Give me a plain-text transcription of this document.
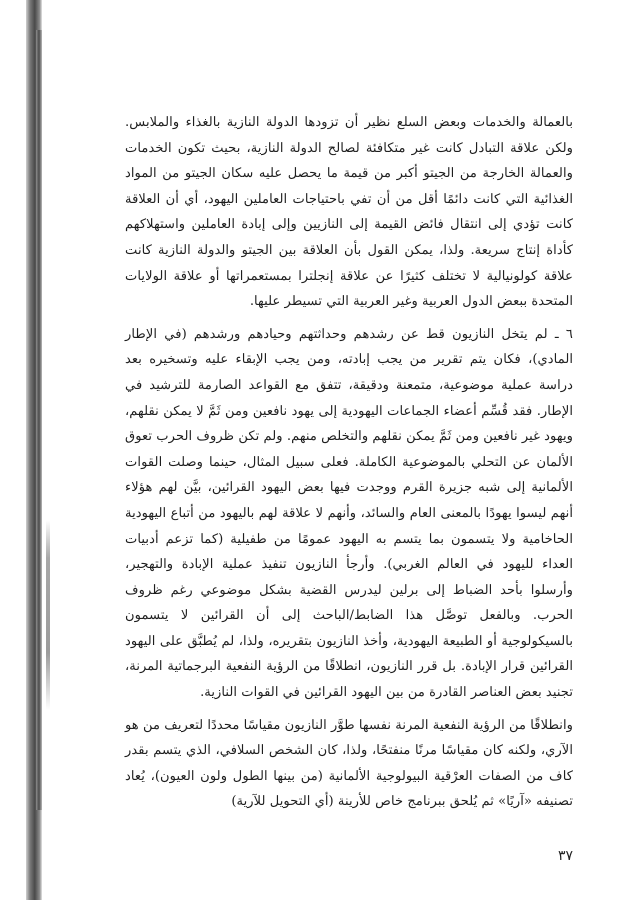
بالعمالة والخدمات وبعض السلع نظير أن تزودها الدولة النازية بالغذاء والملابس. ولكن علاقة التبادل كانت غير متكافئة لصالح الدولة النازية، بحيث تكون الخدمات والعمالة الخارجة من الجيتو أكبر من قيمة ما يحصل عليه سكان الجيتو من المواد الغذائية التي كانت دائمًا أقل من أن تفي باحتياجات العاملين اليهود، أي أن العلاقة كانت تؤدي إلى انتقال فائض القيمة إلى النازيين وإلى إبادة العاملين واستهلاكهم كأداة إنتاج سريعة. ولذا، يمكن القول بأن العلاقة بين الجيتو والدولة النازية كانت علاقة كولونيالية لا تختلف كثيرًا عن علاقة إنجلترا بمستعمراتها أو علاقة الولايات المتحدة ببعض الدول العربية وغير العربية التي تسيطر عليها.

٦ ـ لم يتخل النازيون قط عن رشدهم وحداثتهم وحيادهم ورشدهم (في الإطار المادي)، فكان يتم تقرير من يجب إبادته، ومن يجب الإبقاء عليه وتسخيره بعد دراسة عملية موضوعية، متمعنة ودقيقة، تتفق مع القواعد الصارمة للترشيد في الإطار. فقد قُسِّم أعضاء الجماعات اليهودية إلى يهود نافعين ومن ثَمَّ لا يمكن نقلهم، ويهود غير نافعين ومن ثَمَّ يمكن نقلهم والتخلص منهم. ولم تكن ظروف الحرب تعوق الألمان عن التحلي بالموضوعية الكاملة. فعلى سبيل المثال، حينما وصلت القوات الألمانية إلى شبه جزيرة القرم ووجدت فيها بعض اليهود القرائين، بيَّن لهم هؤلاء أنهم ليسوا يهودًا بالمعنى العام والسائد، وأنهم لا علاقة لهم باليهود من أتباع اليهودية الحاخامية ولا يتسمون بما يتسم به اليهود عمومًا من طفيلية (كما تزعم أدبيات العداء لليهود في العالم الغربي). وأرجأ النازيون تنفيذ عملية الإبادة والتهجير، وأرسلوا بأحد الضباط إلى برلين ليدرس القضية بشكل موضوعي رغم ظروف الحرب. وبالفعل توصَّل هذا الضابط/الباحث إلى أن القرائين لا يتسمون بالسيكولوجية أو الطبيعة اليهودية، وأخذ النازيون بتقريره، ولذا، لم يُطبَّق على اليهود القرائين قرار الإبادة. بل قرر النازيون، انطلاقًا من الرؤية النفعية البرجماتية المرنة، تجنيد بعض العناصر القادرة من بين اليهود القرائين في القوات النازية.

وانطلاقًا من الرؤية النفعية المرنة نفسها طوَّر النازيون مقياسًا محددًا لتعريف من هو الآري، ولكنه كان مقياسًا مرنًا منفتحًا، ولذا، كان الشخص السلافي، الذي يتسم بقدر كاف من الصفات العرْقية البيولوجية الألمانية (من بينها الطول ولون العيون)، يُعاد تصنيفه «آريًا» ثم يُلحق ببرنامج خاص للأرينة (أي التحويل للآرية)

٣٧
